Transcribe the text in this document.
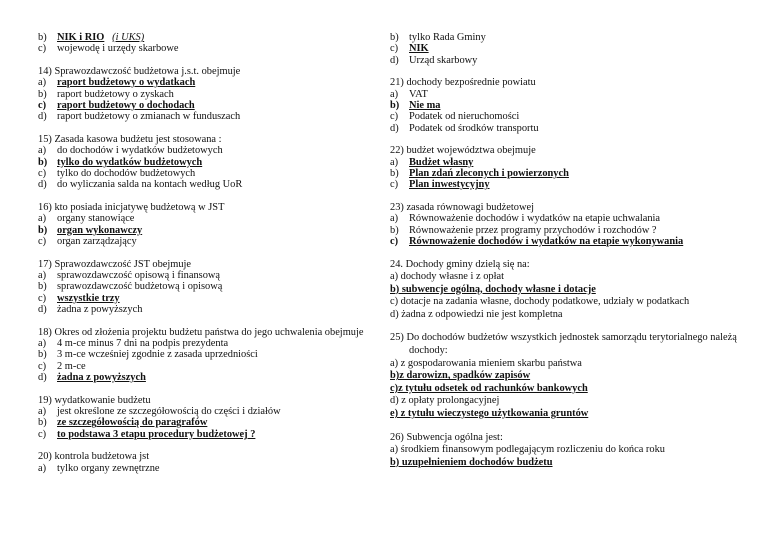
b) NIK i RIO (i UKS)
c) wojewodę i urzędy skarbowe
14) Sprawozdawczość budżetowa j.s.t. obejmuje
a) raport budżetowy o wydatkach
b) raport budżetowy o zyskach
c) raport budżetowy o dochodach
d) raport budżetowy o zmianach w funduszach
15) Zasada kasowa budżetu jest stosowana :
a) do dochodów i wydatków budżetowych
b) tylko do wydatków budżetowych
c) tylko do dochodów budżetowych
d) do wyliczania salda na kontach według UoR
16) kto posiada inicjatywę budżetową w JST
a) organy stanowiące
b) organ wykonawczy
c) organ zarządzający
17) Sprawozdawczość JST obejmuje
a) sprawozdawczość opisową i finansową
b) sprawozdawczość budżetową i opisową
c) wszystkie trzy
d) żadna z powyższych
18) Okres od złożenia projektu budżetu państwa do jego uchwalenia obejmuje
a) 4 m-ce minus 7 dni na podpis prezydenta
b) 3 m-ce wcześniej zgodnie z zasada uprzedniości
c) 2 m-ce
d) żadna z powyższych
19) wydatkowanie budżetu
a) jest określone ze szczegółowością do części i działów
b) ze szczegółowością do paragrafów
c) to podstawa 3 etapu procedury budżetowej ?
20) kontrola budżetowa jst
a) tylko organy zewnętrzne
b) tylko Rada Gminy
c) NIK
d) Urząd skarbowy
21) dochody bezpośrednie powiatu
a) VAT
b) Nie ma
c) Podatek od nieruchomości
d) Podatek od środków transportu
22) budżet województwa obejmuje
a) Budżet własny
b) Plan zdań zleconych i powierzonych
c) Plan inwestycyjny
23) zasada równowagi budżetowej
a) Równoważenie dochodów i wydatków na etapie uchwalania
b) Równoważenie przez programy przychodów i rozchodów ?
c) Równoważenie dochodów i wydatków na etapie wykonywania
24. Dochody gminy dzielą się na:
a) dochody własne i z opłat
b) subwencje ogólną, dochody własne i dotacje
c) dotacje na zadania własne, dochody podatkowe, udziały w podatkach
d) żadna z odpowiedzi nie jest kompletna
25) Do dochodów budżetów wszystkich jednostek samorządu terytorialnego należą
dochody:
a) z gospodarowania mieniem skarbu państwa
b)z darowizn, spadków zapisów
c)z tytułu odsetek od rachunków bankowych
d) z opłaty prolongacyjnej
e) z tytułu wieczystego użytkowania gruntów
26) Subwencja ogólna jest:
a) środkiem finansowym podlegającym rozliczeniu do końca roku
b) uzupełnieniem dochodów budżetu
